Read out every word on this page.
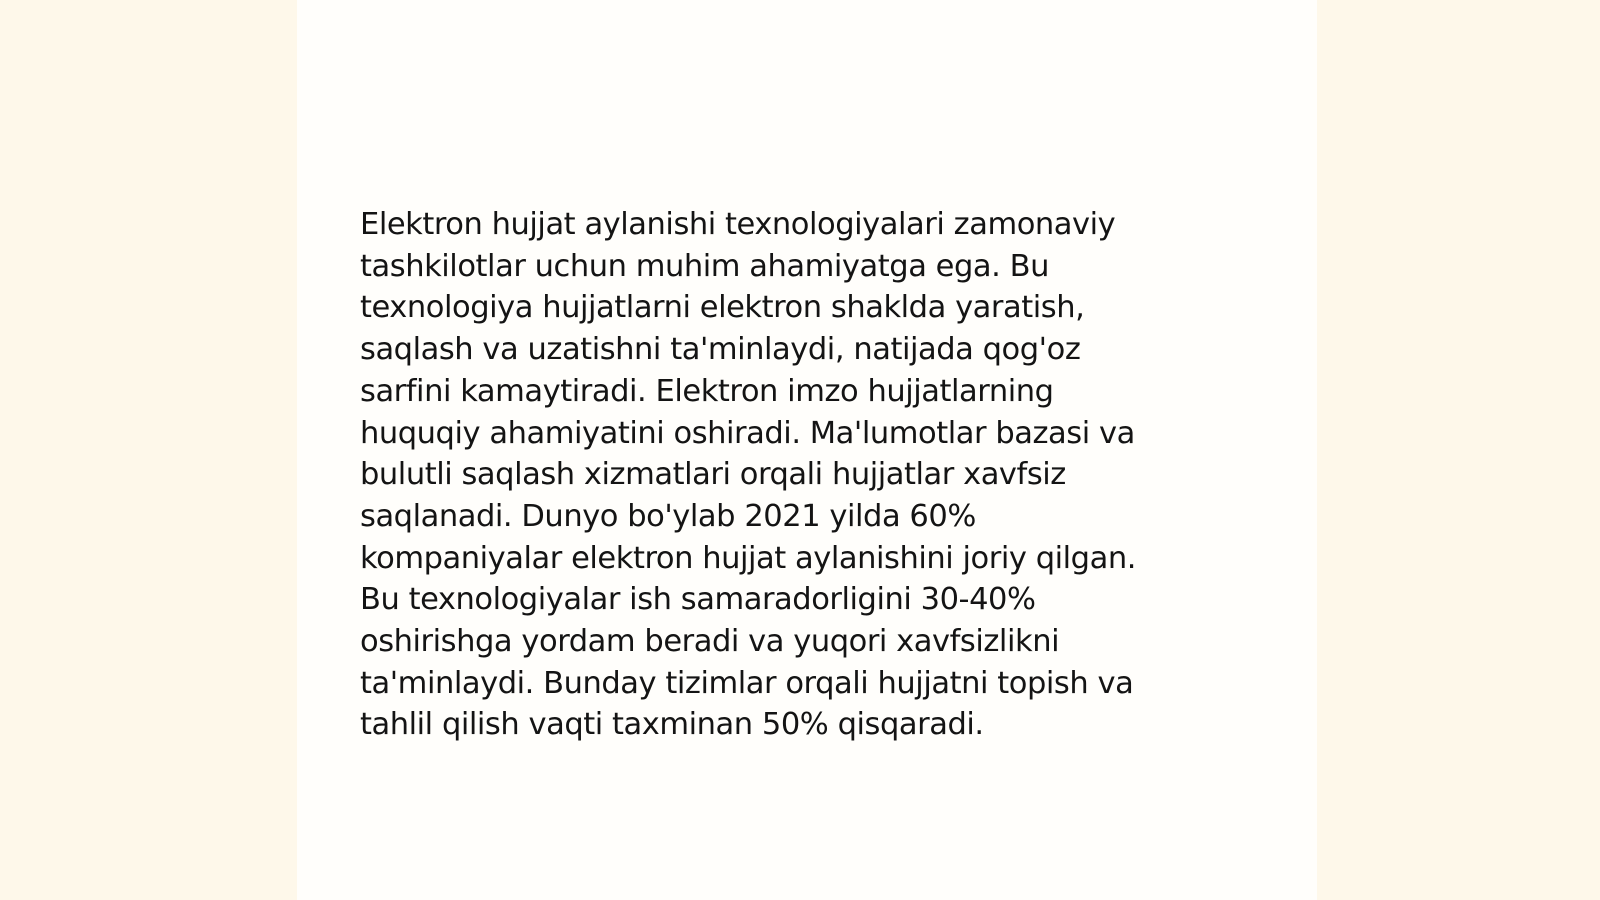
Elektron hujjat aylanishi texnologiyalari zamonaviy
tashkilotlar uchun muhim ahamiyatga ega. Bu
texnologiya hujjatlarni elektron shaklda yaratish,
saqlash va uzatishni ta'minlaydi, natijada qog'oz
sarfini kamaytiradi. Elektron imzo hujjatlarning
huquqiy ahamiyatini oshiradi. Ma'lumotlar bazasi va
bulutli saqlash xizmatlari orqali hujjatlar xavfsiz
saqlanadi. Dunyo bo'ylab 2021 yilda 60%
kompaniyalar elektron hujjat aylanishini joriy qilgan.
Bu texnologiyalar ish samaradorligini 30-40%
oshirishga yordam beradi va yuqori xavfsizlikni
ta'minlaydi. Bunday tizimlar orqali hujjatni topish va
tahlil qilish vaqti taxminan 50% qisqaradi.
